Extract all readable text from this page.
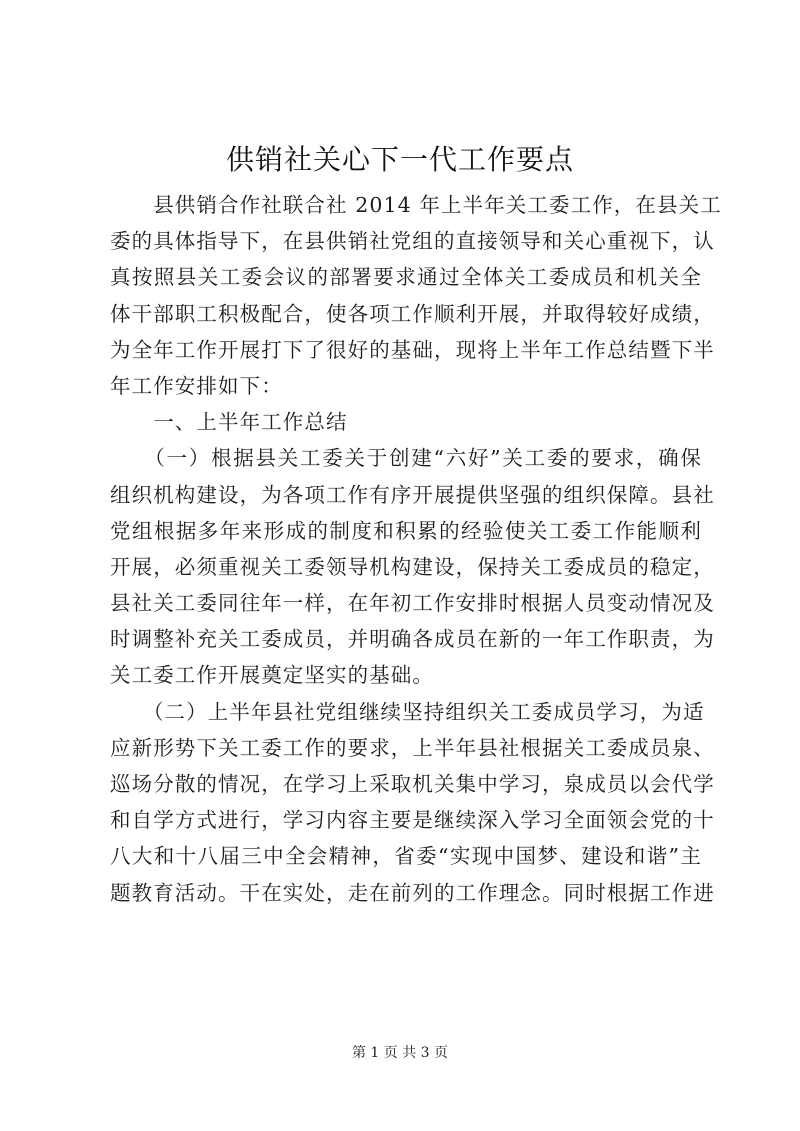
供销社关心下一代工作要点
　　县供销合作社联合社 2014 年上半年关工委工作，在县关工
委的具体指导下，在县供销社党组的直接领导和关心重视下，认
真按照县关工委会议的部署要求通过全体关工委成员和机关全
体干部职工积极配合，使各项工作顺利开展，并取得较好成绩，
为全年工作开展打下了很好的基础，现将上半年工作总结暨下半
年工作安排如下：
　　一、上半年工作总结
　　（一）根据县关工委关于创建“六好”关工委的要求，确保
组织机构建设，为各项工作有序开展提供坚强的组织保障。县社
党组根据多年来形成的制度和积累的经验使关工委工作能顺利
开展，必须重视关工委领导机构建设，保持关工委成员的稳定，
县社关工委同往年一样，在年初工作安排时根据人员变动情况及
时调整补充关工委成员，并明确各成员在新的一年工作职责，为
关工委工作开展奠定坚实的基础。
　　（二）上半年县社党组继续坚持组织关工委成员学习，为适
应新形势下关工委工作的要求，上半年县社根据关工委成员泉、
巡场分散的情况，在学习上采取机关集中学习，泉成员以会代学
和自学方式进行，学习内容主要是继续深入学习全面领会党的十
八大和十八届三中全会精神，省委“实现中国梦、建设和谐”主
题教育活动。干在实处，走在前列的工作理念。同时根据工作进
第 1 页 共 3 页
